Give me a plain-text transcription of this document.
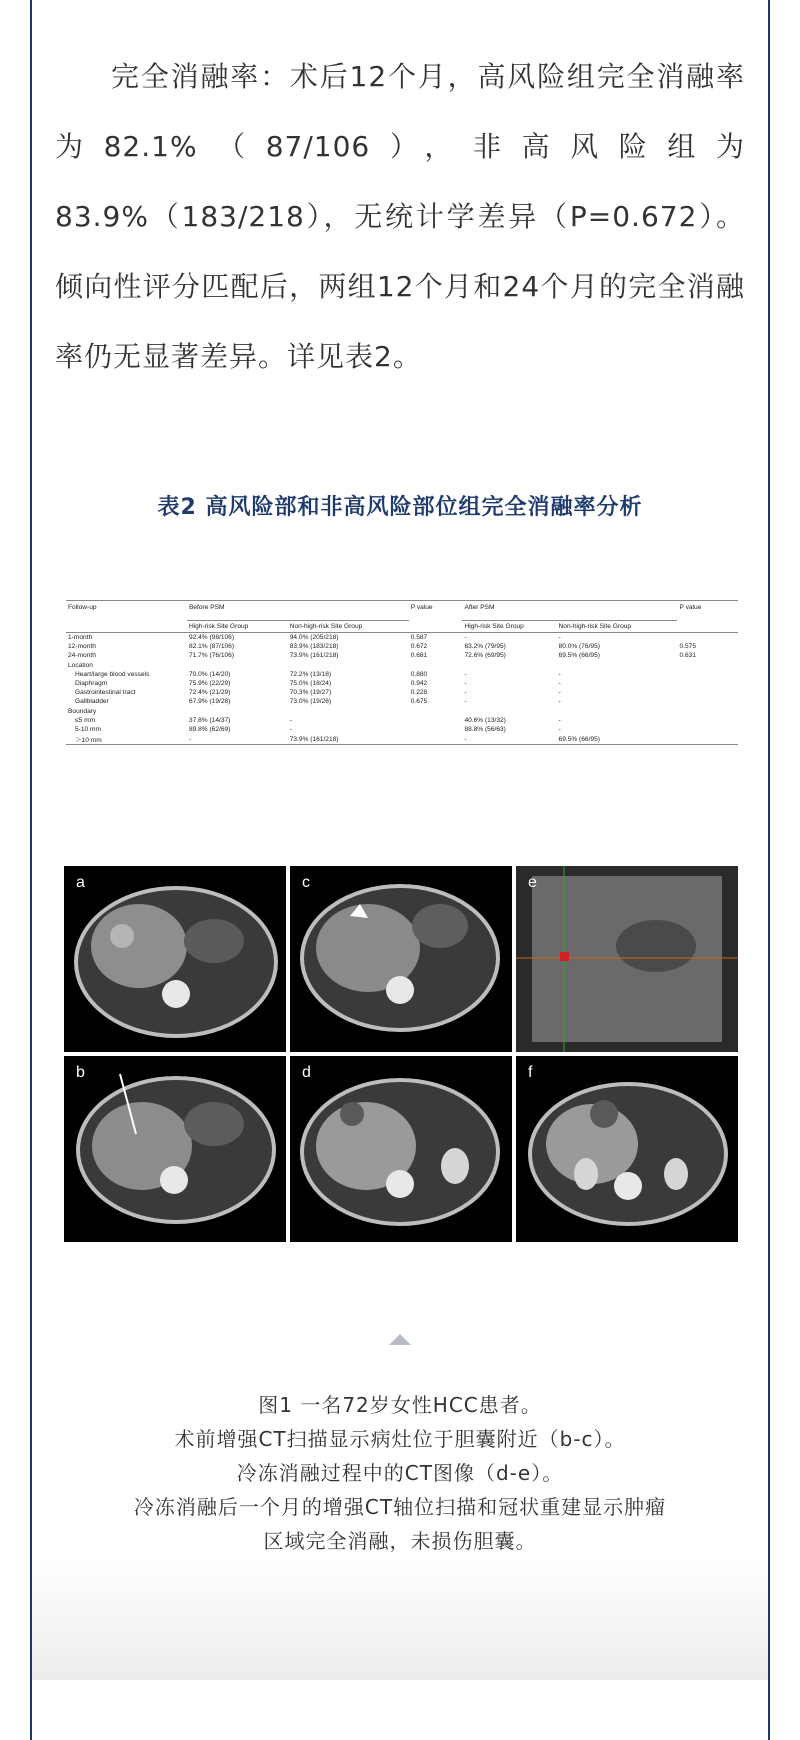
完全消融率：术后12个月，高风险组完全消融率为82.1%（87/106），非高风险组为83.9%（183/218），无统计学差异（P=0.672）。倾向性评分匹配后，两组12个月和24个月的完全消融率仍无显著差异。详见表2。

表2 高风险部和非高风险部位组完全消融率分析
Follow-up	Before PSM		P value	After PSM		P value
	High-risk Site Group	Non-high-risk Site Group		High-risk Site Group	Non-high-risk Site Group	
1-month	92.4% (98/106)	94.0% (205/218)	0.587	-	-	
12-month	82.1% (87/106)	83.9% (183/218)	0.672	83.2% (79/95)	80.0% (76/95)	0.575
24-month	71.7% (76/106)	73.9% (161/218)	0.681	72.6% (69/95)	69.5% (66/95)	0.631
Location						
Heart/large blood vessels	70.0% (14/20)	72.2% (13/18)	0.880	-	-	
Diaphragm	75.9% (22/29)	75.0% (18/24)	0.942	-	-	
Gastrointestinal tract	72.4% (21/29)	70.3% (19/27)	0.228	-	-	
Gallbladder	67.9% (19/28)	73.0% (19/26)	0.675	-	-	
Boundary						
≤5 mm	37.8% (14/37)	-		40.6% (13/32)	-	
5-10 mm	89.8% (62/69)	-		88.8% (56/63)	-	
＞10 mm	-	73.9% (161/218)		-	69.5% (66/95)	
a	c	e
b	d	f
图1 一名72岁女性HCC患者。
术前增强CT扫描显示病灶位于胆囊附近（b-c）。
冷冻消融过程中的CT图像（d-e）。
冷冻消融后一个月的增强CT轴位扫描和冠状重建显示肿瘤
区域完全消融，未损伤胆囊。
